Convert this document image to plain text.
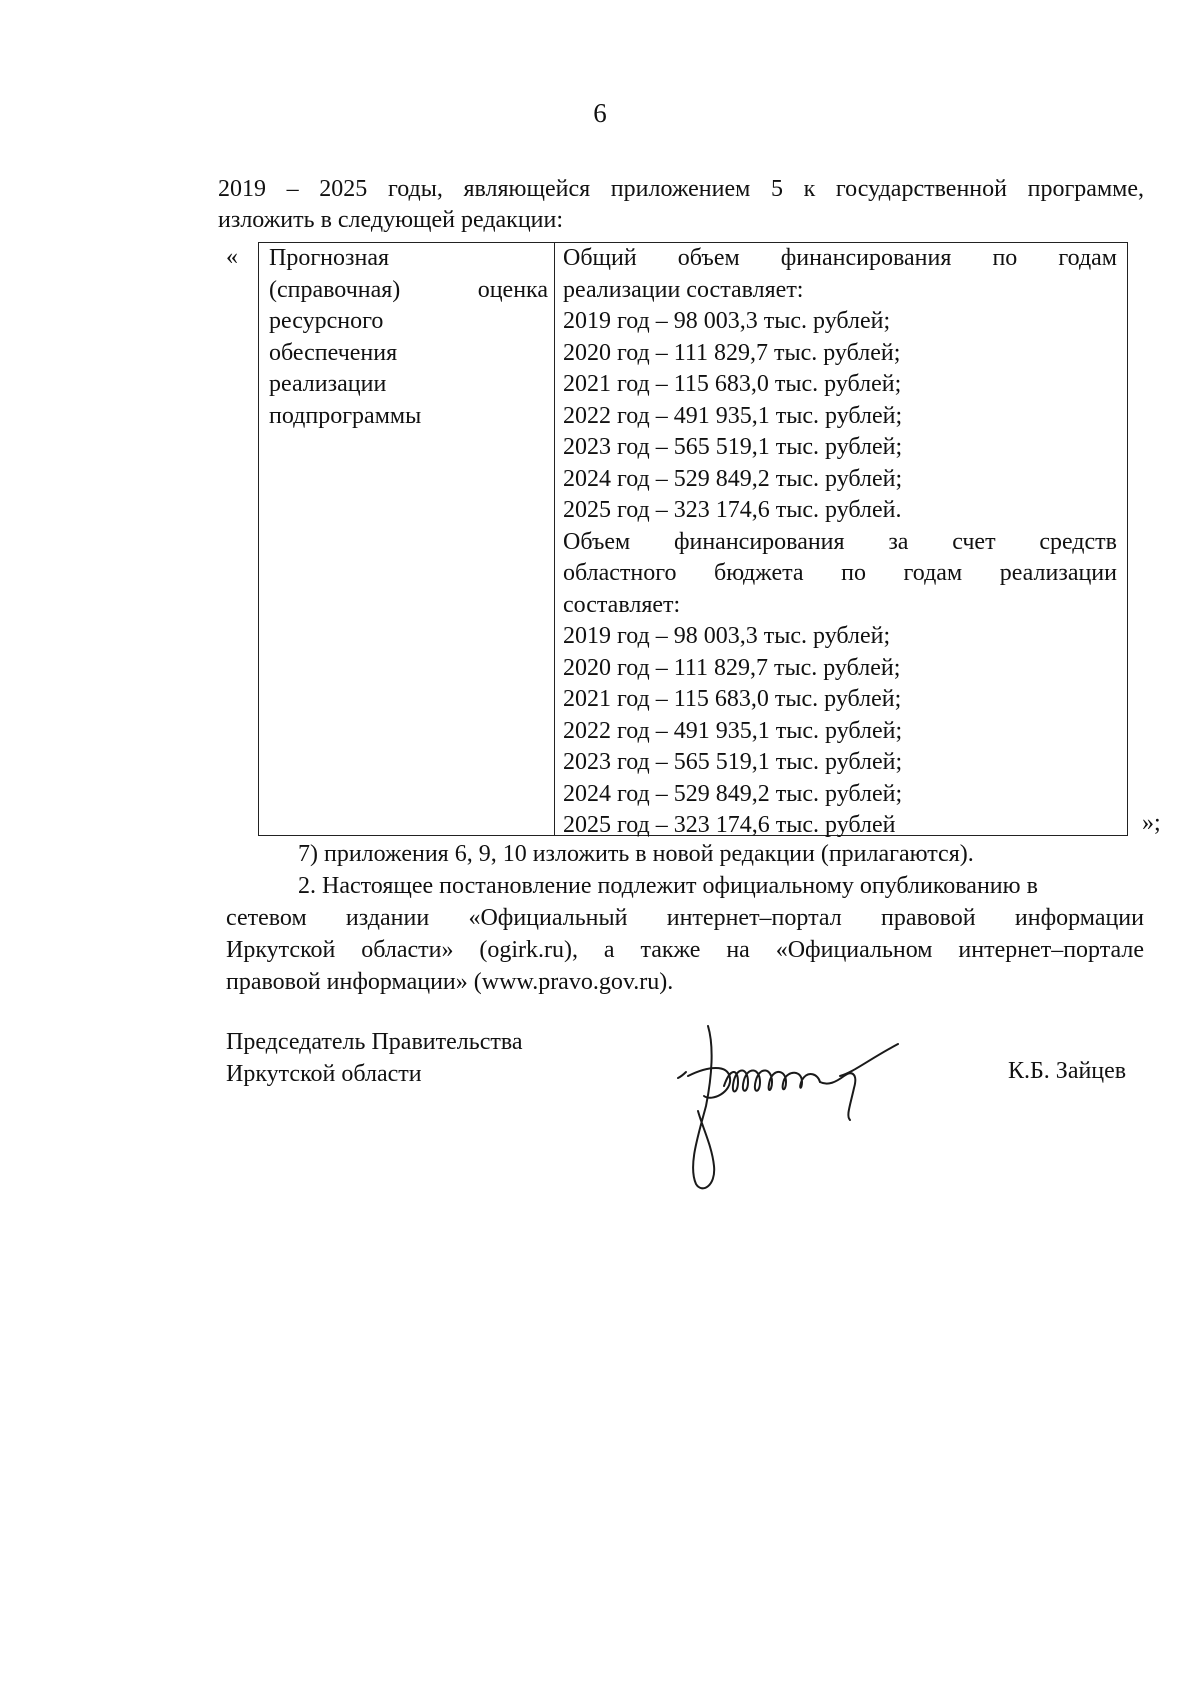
6
2019 – 2025 годы, являющейся приложением 5 к государственной программе,
изложить в следующей редакции:
« Прогнозная
(справочная) оценка
ресурсного
обеспечения
реализации
подпрограммы
Общий объем финансирования по годам
реализации составляет:
2019 год – 98 003,3 тыс. рублей;
2020 год – 111 829,7 тыс. рублей;
2021 год – 115 683,0 тыс. рублей;
2022 год – 491 935,1 тыс. рублей;
2023 год – 565 519,1 тыс. рублей;
2024 год – 529 849,2 тыс. рублей;
2025 год – 323 174,6 тыс. рублей.
Объем финансирования за счет средств
областного бюджета по годам реализации
составляет:
2019 год – 98 003,3 тыс. рублей;
2020 год – 111 829,7 тыс. рублей;
2021 год – 115 683,0 тыс. рублей;
2022 год – 491 935,1 тыс. рублей;
2023 год – 565 519,1 тыс. рублей;
2024 год – 529 849,2 тыс. рублей;
2025 год – 323 174,6 тыс. рублей	»;
7) приложения 6, 9, 10 изложить в новой редакции (прилагаются).
2. Настоящее постановление подлежит официальному опубликованию в
сетевом издании «Официальный интернет–портал правовой информации
Иркутской области» (ogirk.ru), а также на «Официальном интернет–портале
правовой информации» (www.pravo.gov.ru).
Председатель Правительства
Иркутской области	К.Б. Зайцев
